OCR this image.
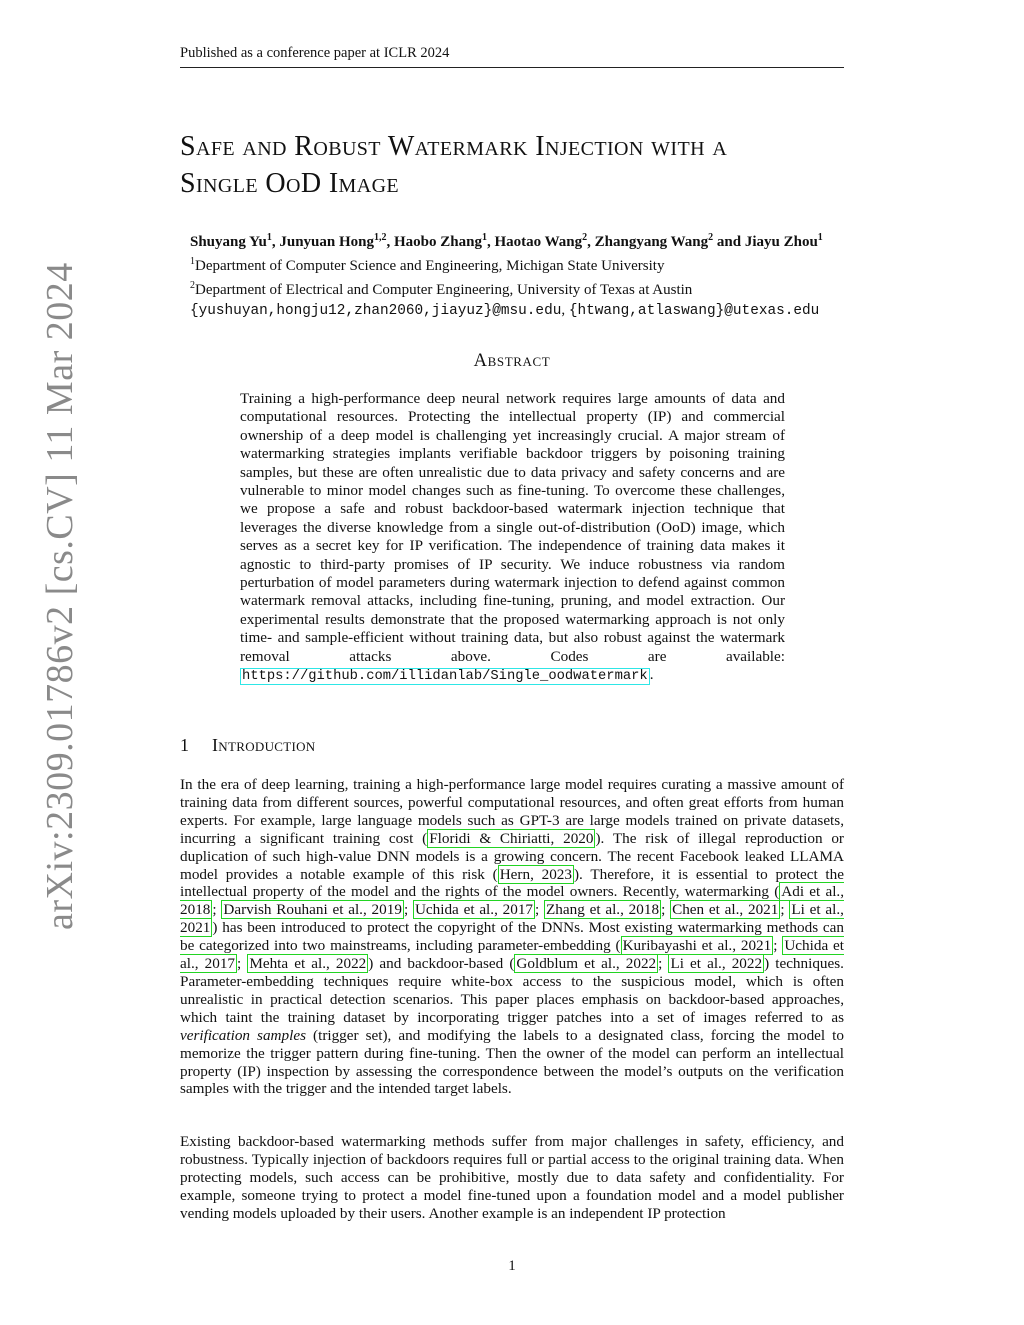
Published as a conference paper at ICLR 2024
arXiv:2309.01786v2 [cs.CV] 11 Mar 2024
Safe and Robust Watermark Injection with a
Single OoD Image
Shuyang Yu$^1$, Junyuan Hong$^{1,2}$, Haobo Zhang$^1$, Haotao Wang$^2$, Zhangyang Wang$^2$ and Jiayu Zhou$^1$
$^1$Department of Computer Science and Engineering, Michigan State University
$^2$Department of Electrical and Computer Engineering, University of Texas at Austin
{yushuyan,hongju12,zhan2060,jiayuz}@msu.edu, {htwang,atlaswang}@utexas.edu
Abstract

Training a high-performance deep neural network requires large amounts of data and computational resources. Protecting the intellectual property (IP) and commercial ownership of a deep model is challenging yet increasingly crucial. A major stream of watermarking strategies implants verifiable backdoor triggers by poisoning training samples, but these are often unrealistic due to data privacy and safety concerns and are vulnerable to minor model changes such as fine-tuning. To overcome these challenges, we propose a safe and robust backdoor-based watermark injection technique that leverages the diverse knowledge from a single out-of-distribution (OoD) image, which serves as a secret key for IP verification. The independence of training data makes it agnostic to third-party promises of IP security. We induce robustness via random perturbation of model parameters during watermark injection to defend against common watermark removal attacks, including fine-tuning, pruning, and model extraction. Our experimental results demonstrate that the proposed watermarking approach is not only time- and sample-efficient without training data, but also robust against the watermark removal attacks above. Codes are available: https://github.com/illidanlab/Single_oodwatermark .

1 Introduction

In the era of deep learning, training a high-performance large model requires curating a massive amount of training data from different sources, powerful computational resources, and often great efforts from human experts. For example, large language models such as GPT-3 are large models trained on private datasets, incurring a significant training cost ( Floridi & Chiriatti, 2020 ). The risk of illegal reproduction or duplication of such high-value DNN models is a growing concern. The recent Facebook leaked LLAMA model provides a notable example of this risk ( Hern, 2023 ). Therefore, it is essential to protect the intellectual property of the model and the rights of the model owners. Recently, watermarking ( Adi et al., 2018 ; Darvish Rouhani et al., 2019 ; Uchida et al., 2017 ; Zhang et al., 2018 ; Chen et al., 2021 ; Li et al., 2021 ) has been introduced to protect the copyright of the DNNs. Most existing watermarking methods can be categorized into two mainstreams, including parameter-embedding ( Kuribayashi et al., 2021 ; Uchida et al., 2017 ; Mehta et al., 2022 ) and backdoor-based ( Goldblum et al., 2022 ; Li et al., 2022 ) techniques. Parameter-embedding techniques require white-box access to the suspicious model, which is often unrealistic in practical detection scenarios. This paper places emphasis on backdoor-based approaches, which taint the training dataset by incorporating trigger patches into a set of images referred to as verification samples (trigger set), and modifying the labels to a designated class, forcing the model to memorize the trigger pattern during fine-tuning. Then the owner of the model can perform an intellectual property (IP) inspection by assessing the correspondence between the model’s outputs on the verification samples with the trigger and the intended target labels.

Existing backdoor-based watermarking methods suffer from major challenges in safety, efficiency, and robustness. Typically injection of backdoors requires full or partial access to the original training data. When protecting models, such access can be prohibitive, mostly due to data safety and confidentiality. For example, someone trying to protect a model fine-tuned upon a foundation model and a model publisher vending models uploaded by their users. Another example is an independent IP protection

1
